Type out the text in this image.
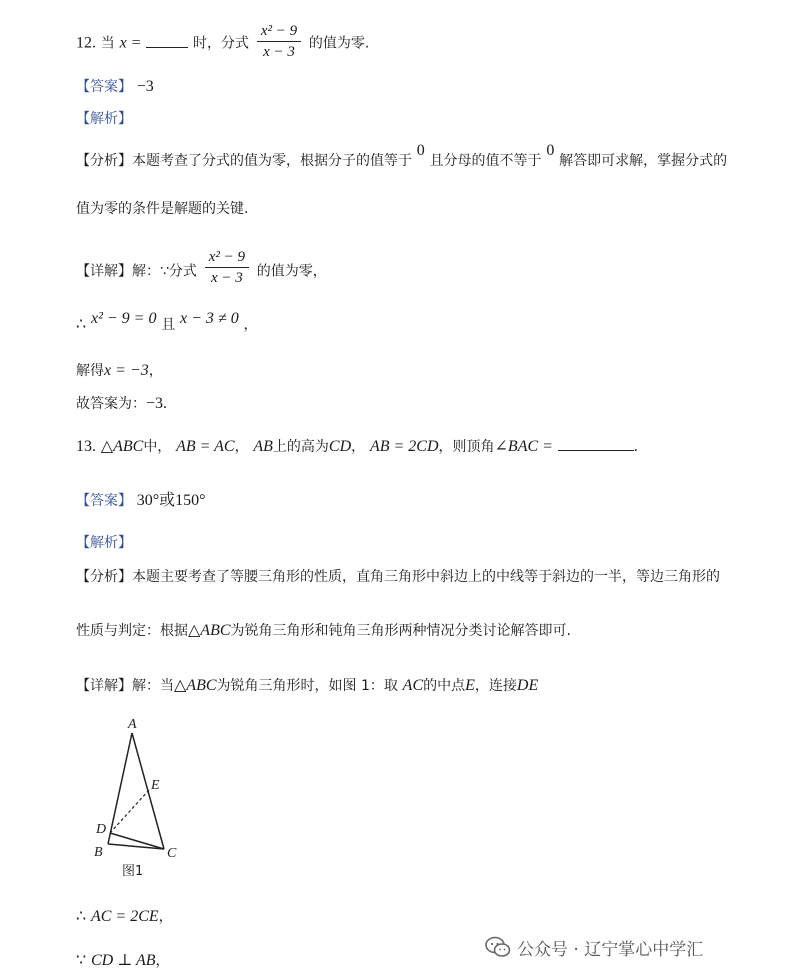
12. 当 x =	时，分式 $\frac{\text{x² − 9}}{x - 3}$ 的值为零.
【答案】 −3
【解析】
【分析】本题考查了分式的值为零，根据分子的值等于 0 且分母的值不等于 0 解答即可求解，掌握分式的
值为零的条件是解题的关键.
【详解】解：∵分式 $\frac{\text{x² − 9}}{x - 3}$ 的值为零，
∴ x² − 9 = 0 且 x − 3 ≠ 0 ，
解得x = −3，
故答案为：−3.
13. △ABC中， AB = AC， AB上的高为CD， AB = 2CD，则顶角∠BAC =	.
【答案】 30°或150°
【解析】
【分析】本题主要考查了等腰三角形的性质，直角三角形中斜边上的中线等于斜边的一半，等边三角形的
性质与判定：根据△ABC为锐角三角形和钝角三角形两种情况分类讨论解答即可.
【详解】解：当△ABC为锐角三角形时，如图 1：取 AC的中点E，连接DE
A
E
D
B	C
图1
∴ AC = 2CE，
∵ CD ⊥ AB，
公众号 · 辽宁掌心中学汇
